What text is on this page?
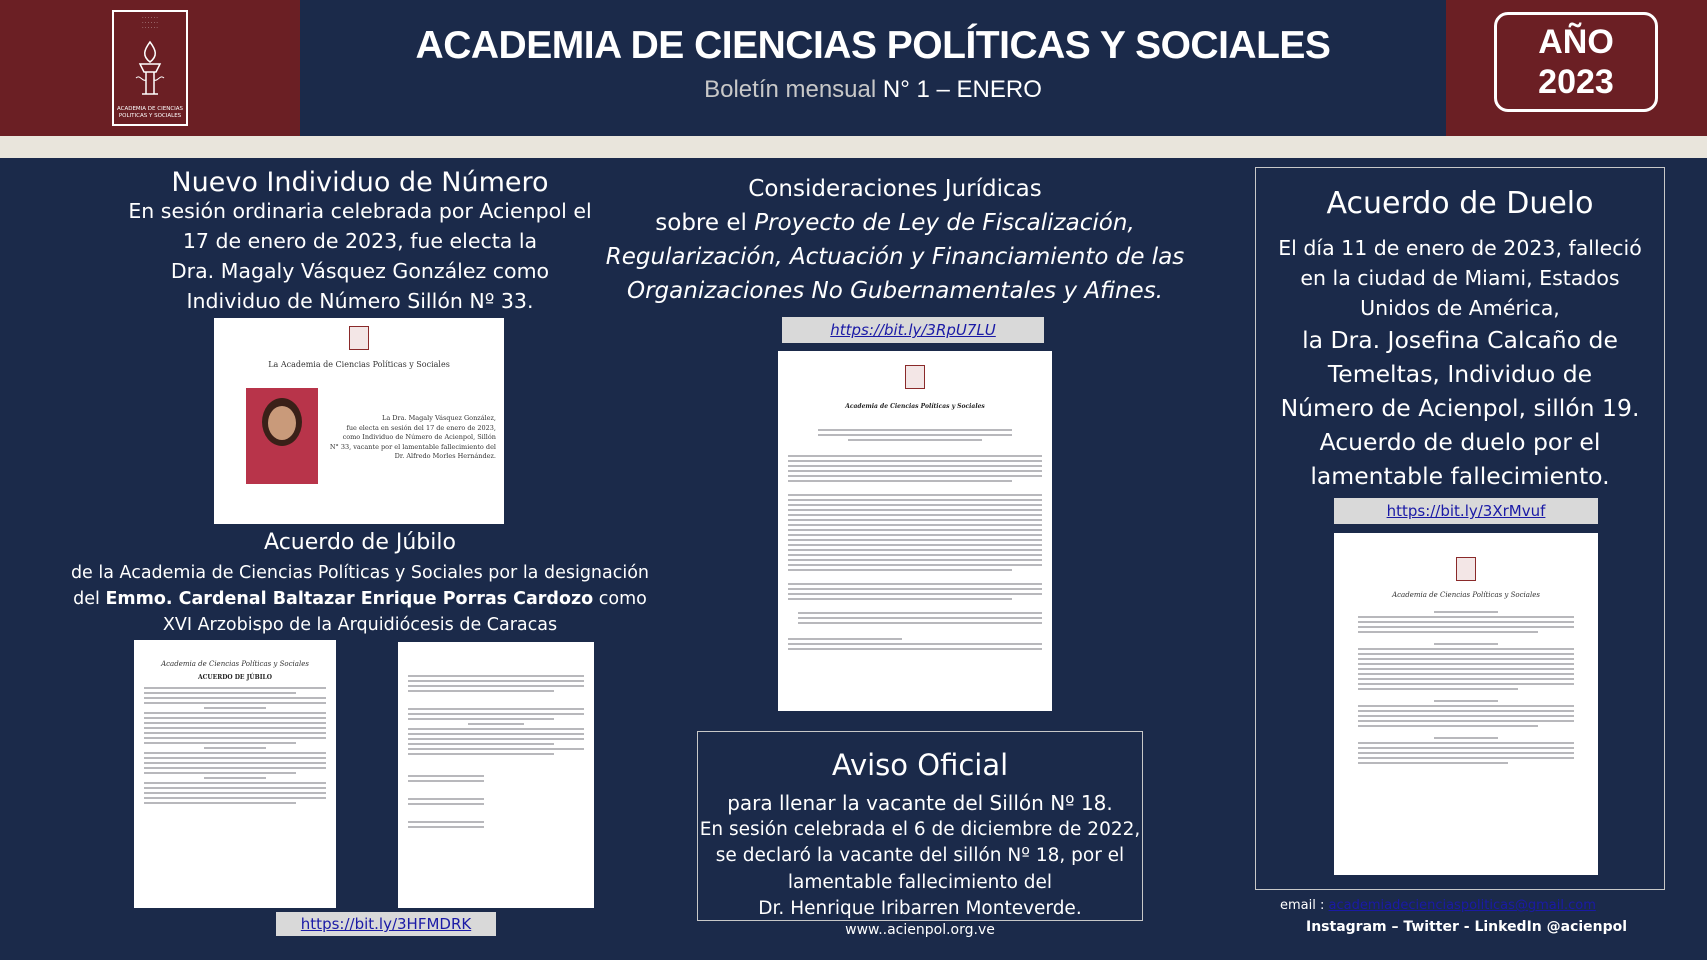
· · · · · ·
· · · · · ·
· · · · · ·
ACADEMIA DE CIENCIAS POLITICAS Y SOCIALES
ACADEMIA DE CIENCIAS POLÍTICAS Y SOCIALES
Boletín mensual N° 1 – ENERO
AÑO
2023
Nuevo Individuo de Número
En sesión ordinaria celebrada por Acienpol el
17 de enero de 2023, fue electa la
Dra. Magaly Vásquez González como
Individuo de Número Sillón Nº 33.
La Academia de Ciencias Políticas y Sociales
La Dra. Magaly Vásquez González,
fue electa en sesión del 17 de enero de 2023,
como Individuo de Número de Acienpol, Sillón
N° 33, vacante por el lamentable fallecimiento del
Dr. Alfredo Morles Hernández.
Acuerdo de Júbilo
de la Academia de Ciencias Políticas y Sociales por la designación
del Emmo. Cardenal Baltazar Enrique Porras Cardozo como
XVI Arzobispo de la Arquidiócesis de Caracas
Academia de Ciencias Políticas y Sociales
ACUERDO DE JÚBILO
https://bit.ly/3HFMDRK
Consideraciones Jurídicas
sobre el Proyecto de Ley de Fiscalización,
Regularización, Actuación y Financiamiento de las
Organizaciones No Gubernamentales y Afines.
https://bit.ly/3RpU7LU
Academia de Ciencias Políticas y Sociales
Aviso Oficial
para llenar la vacante del Sillón Nº 18.
En sesión celebrada el 6 de diciembre de 2022,
se declaró la vacante del sillón Nº 18, por el
lamentable fallecimiento del
Dr. Henrique Iribarren Monteverde.
www..acienpol.org.ve
Acuerdo de Duelo
El día 11 de enero de 2023, falleció
en la ciudad de Miami, Estados
Unidos de América,
la Dra. Josefina Calcaño de
Temeltas, Individuo de
Número de Acienpol, sillón 19.
Acuerdo de duelo por el
lamentable fallecimiento.
https://bit.ly/3XrMvuf
Academia de Ciencias Políticas y Sociales
email : academiadecienciaspoliticas@gmail.com
Instagram – Twitter - LinkedIn @acienpol
